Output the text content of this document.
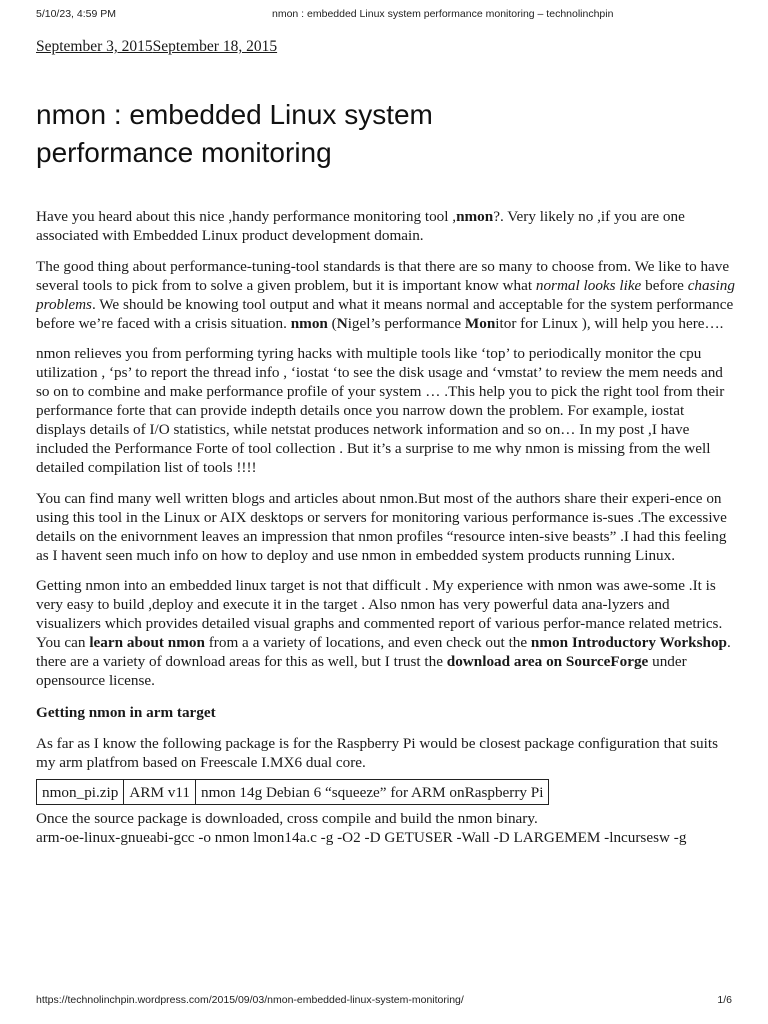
5/10/23, 4:59 PM	nmon : embedded Linux system performance monitoring – technolinchpin
September 3, 2015September 18, 2015
nmon : embedded Linux system
performance monitoring

Have you heard about this nice ,handy performance monitoring tool ,nmon?. Very likely no ,if you are one associated with Embedded Linux product development domain.

The good thing about performance-tuning-tool standards is that there are so many to choose from. We like to have several tools to pick from to solve a given problem, but it is important know what normal looks like before chasing problems. We should be knowing tool output and what it means normal and acceptable for the system performance before we’re faced with a crisis situation. nmon (Nigel’s performance Monitor for Linux ), will help you here….

nmon relieves you from performing tyring hacks with multiple tools like ‘top’ to periodically monitor the cpu utilization , ‘ps’ to report the thread info , ‘iostat ‘to see the disk usage and ‘vmstat’ to review the mem needs and so on to combine and make performance profile of your system … .This help you to pick the right tool from their performance forte that can provide indepth details once you narrow down the problem. For example, iostat displays details of I/O statistics, while netstat produces network information and so on… In my post ,I have included the Performance Forte of tool collection . But it’s a surprise to me why nmon is missing from the well detailed compilation list of tools !!!!

You can find many well written blogs and articles about nmon.But most of the authors share their experi-ence on using this tool in the Linux or AIX desktops or servers for monitoring various performance is-sues .The excessive details on the enivornment leaves an impression that nmon profiles “resource inten-sive beasts” .I had this feeling as I havent seen much info on how to deploy and use nmon in embedded system products running Linux.

Getting nmon into an embedded linux target is not that difficult . My experience with nmon was awe-some .It is very easy to build ,deploy and execute it in the target . Also nmon has very powerful data ana-lyzers and visualizers which provides detailed visual graphs and commented report of various perfor-mance related metrics.

You can learn about nmon from a a variety of locations, and even check out the nmon Introductory Workshop. there are a variety of download areas for this as well, but I trust the download area on SourceForge under opensource license.

Getting nmon in arm target

As far as I know the following package is for the Raspberry Pi would be closest package configuration that suits my arm platfrom based on Freescale I.MX6 dual core.

nmon_pi.zip	ARM v11	nmon 14g Debian 6 “squeeze” for ARM onRaspberry Pi

Once the source package is downloaded, cross compile and build the nmon binary.

arm-oe-linux-gnueabi-gcc -o nmon lmon14a.c -g -O2 -D GETUSER -Wall -D LARGEMEM -lncursesw -g

https://technolinchpin.wordpress.com/2015/09/03/nmon-embedded-linux-system-monitoring/	1/6
